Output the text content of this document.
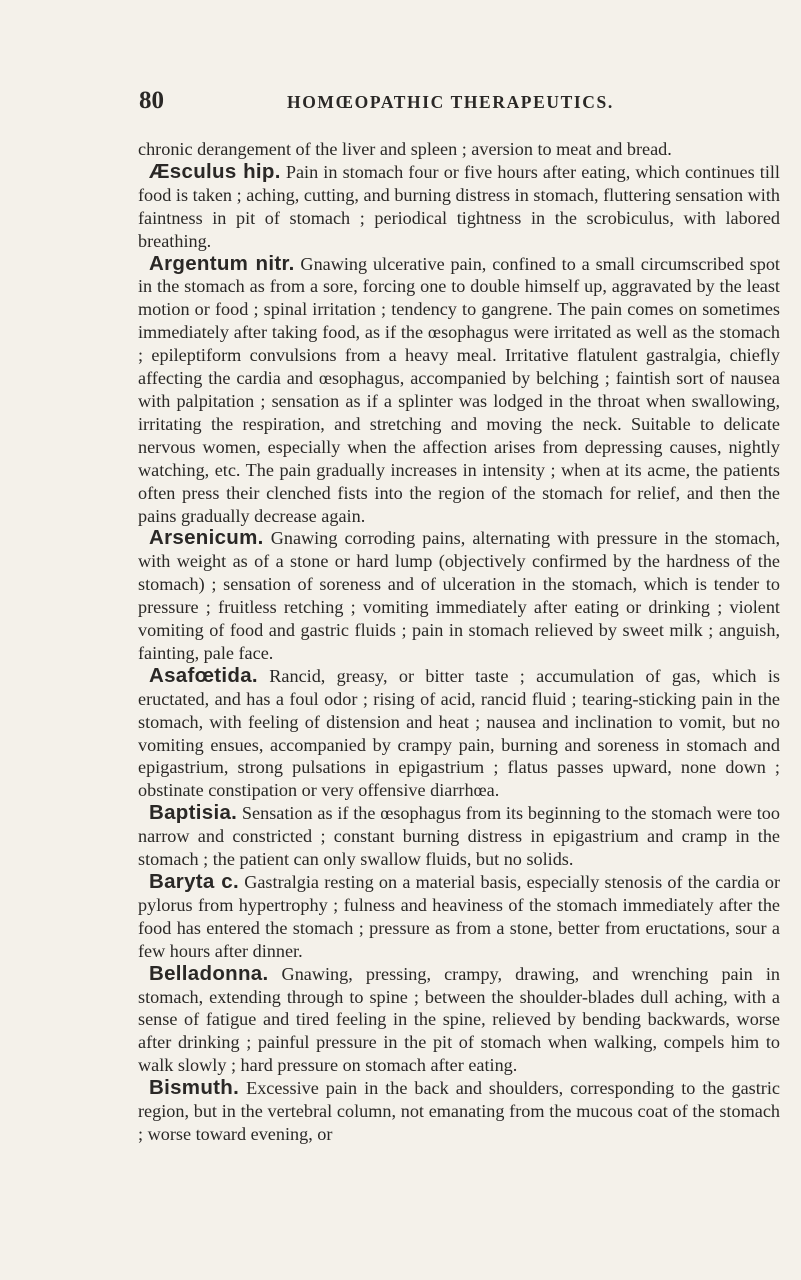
80	HOMŒOPATHIC THERAPEUTICS.

chronic derangement of the liver and spleen ; aversion to meat and bread.

Æsculus hip. Pain in stomach four or five hours after eating, which continues till food is taken ; aching, cutting, and burning distress in stomach, fluttering sensation with faintness in pit of stomach ; periodical tightness in the scrobiculus, with labored breathing.

Argentum nitr. Gnawing ulcerative pain, confined to a small circumscribed spot in the stomach as from a sore, forcing one to double himself up, aggravated by the least motion or food ; spinal irritation ; tendency to gangrene. The pain comes on sometimes immediately after taking food, as if the œsophagus were irritated as well as the stomach ; epileptiform convulsions from a heavy meal. Irritative flatulent gastralgia, chiefly affecting the cardia and œsophagus, accompanied by belching ; faintish sort of nausea with palpitation ; sensation as if a splinter was lodged in the throat when swallowing, irritating the respiration, and stretching and moving the neck. Suitable to delicate nervous women, especially when the affection arises from depressing causes, nightly watching, etc. The pain gradually increases in intensity ; when at its acme, the patients often press their clenched fists into the region of the stomach for relief, and then the pains gradually decrease again.

Arsenicum. Gnawing corroding pains, alternating with pressure in the stomach, with weight as of a stone or hard lump (objectively confirmed by the hardness of the stomach) ; sensation of soreness and of ulceration in the stomach, which is tender to pressure ; fruitless retching ; vomiting immediately after eating or drinking ; violent vomiting of food and gastric fluids ; pain in stomach relieved by sweet milk ; anguish, fainting, pale face.

Asafœtida. Rancid, greasy, or bitter taste ; accumulation of gas, which is eructated, and has a foul odor ; rising of acid, rancid fluid ; tearing-sticking pain in the stomach, with feeling of distension and heat ; nausea and inclination to vomit, but no vomiting ensues, accompanied by crampy pain, burning and soreness in stomach and epigastrium, strong pulsations in epigastrium ; flatus passes upward, none down ; obstinate constipation or very offensive diarrhœa.

Baptisia. Sensation as if the œsophagus from its beginning to the stomach were too narrow and constricted ; constant burning distress in epigastrium and cramp in the stomach ; the patient can only swallow fluids, but no solids.

Baryta c. Gastralgia resting on a material basis, especially stenosis of the cardia or pylorus from hypertrophy ; fulness and heaviness of the stomach immediately after the food has entered the stomach ; pressure as from a stone, better from eructations, sour a few hours after dinner.

Belladonna. Gnawing, pressing, crampy, drawing, and wrenching pain in stomach, extending through to spine ; between the shoulder-blades dull aching, with a sense of fatigue and tired feeling in the spine, relieved by bending backwards, worse after drinking ; painful pressure in the pit of stomach when walking, compels him to walk slowly ; hard pressure on stomach after eating.

Bismuth. Excessive pain in the back and shoulders, corresponding to the gastric region, but in the vertebral column, not emanating from the mucous coat of the stomach ; worse toward evening, or
